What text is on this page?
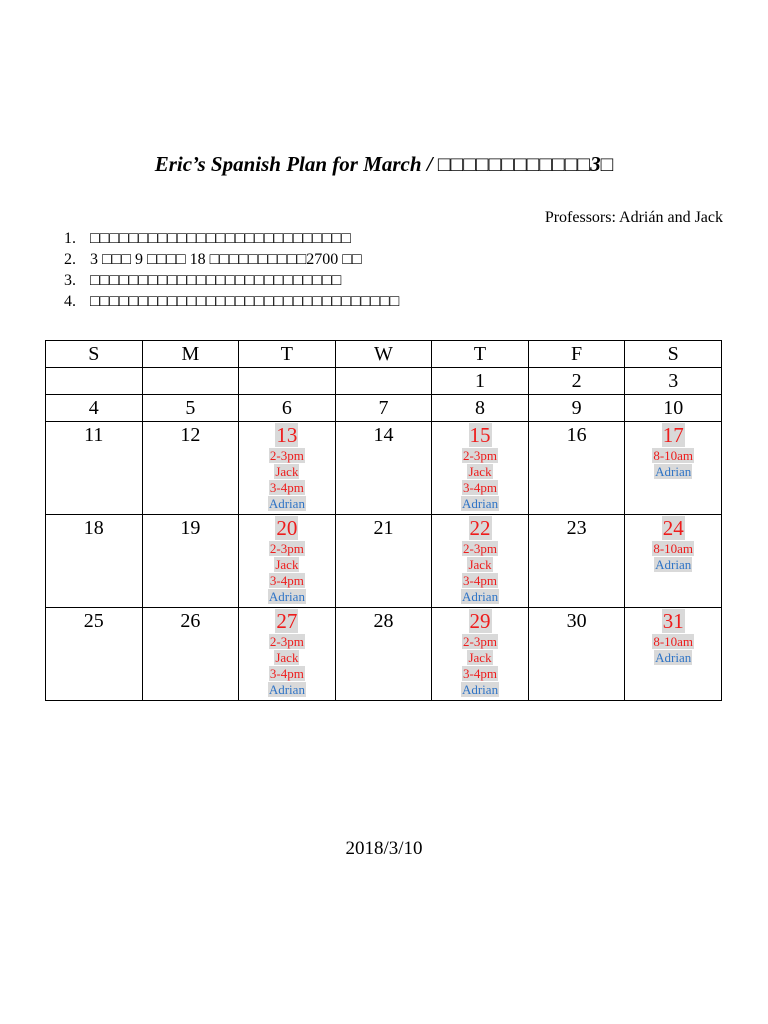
Eric’s Spanish Plan for March / □□□□□□□□□□□□3□
Professors: Adrián and Jack
1. □□□□□□□□□□□□□□□□□□□□□□□□□□□
2. 3 □□□ 9 □□□□ 18 □□□□□□□□□□2700 □□
3. □□□□□□□□□□□□□□□□□□□□□□□□□□
4. □□□□□□□□□□□□□□□□□□□□□□□□□□□□□□□□
S	M	T	W	T	F	S

				1	2	3

4	5	6	7	8	9	10

11	12	13
2-3pm
Jack
3-4pm
Adrian	14	15
2-3pm
Jack
3-4pm
Adrian	16	17
8-10am
Adrian

18	19	20
2-3pm
Jack
3-4pm
Adrian	21	22
2-3pm
Jack
3-4pm
Adrian	23	24
8-10am
Adrian

25	26	27
2-3pm
Jack
3-4pm
Adrian	28	29
2-3pm
Jack
3-4pm
Adrian	30	31
8-10am
Adrian
2018/3/10
